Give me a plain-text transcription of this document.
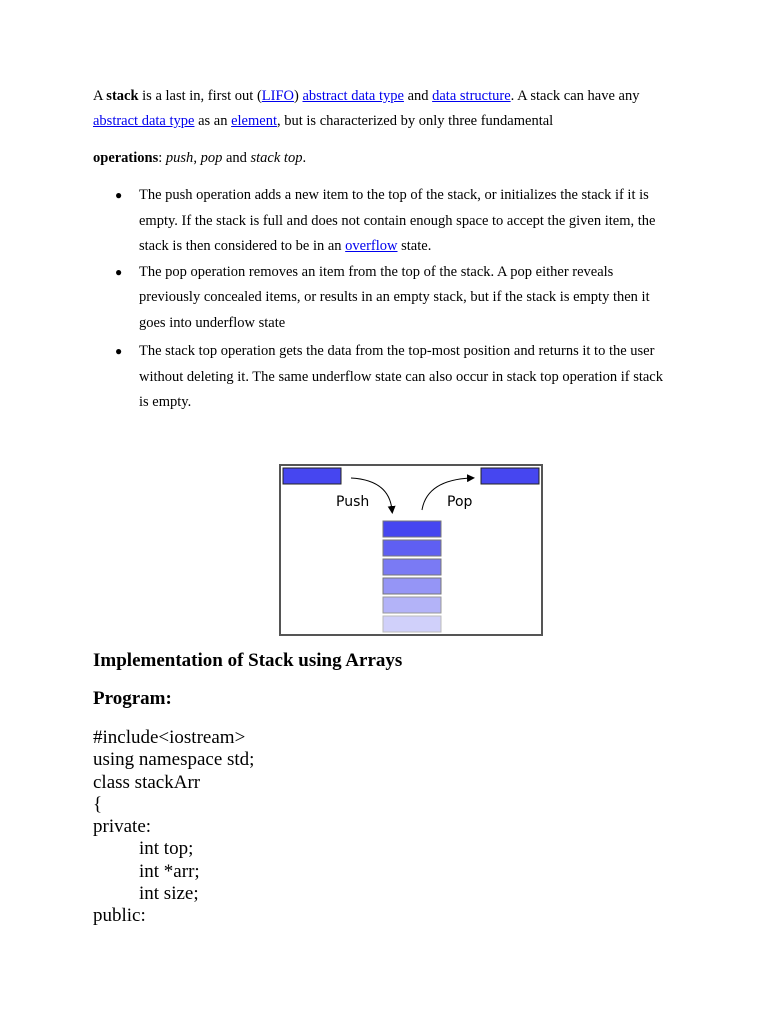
A stack is a last in, first out (LIFO) abstract data type and data structure. A stack can have any abstract data type as an element, but is characterized by only three fundamental

operations: push, pop and stack top.

● The push operation adds a new item to the top of the stack, or initializes the stack if it is empty. If the stack is full and does not contain enough space to accept the given item, the stack is then considered to be in an overflow state.
● The pop operation removes an item from the top of the stack. A pop either reveals previously concealed items, or results in an empty stack, but if the stack is empty then it goes into underflow state
● The stack top operation gets the data from the top-most position and returns it to the user without deleting it. The same underflow state can also occur in stack top operation if stack is empty.
Push	Pop
Implementation of Stack using Arrays
Program:
#include<iostream>
using namespace std;
class stackArr
{
private:
int top;
int *arr;
int size;
public:
